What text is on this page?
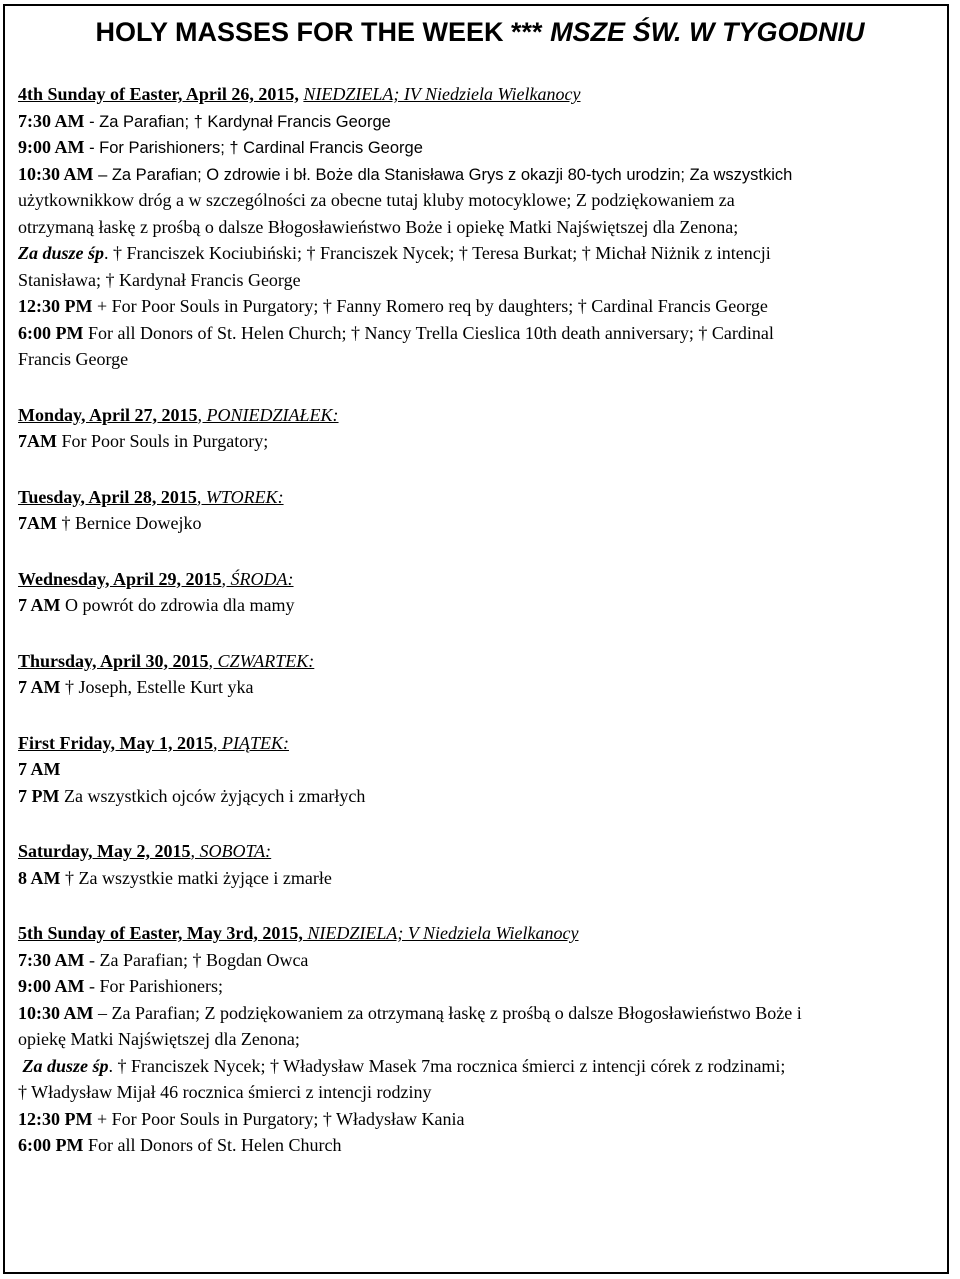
HOLY MASSES FOR THE WEEK *** MSZE ŚW. W TYGODNIU
4th Sunday of Easter, April 26, 2015, NIEDZIELA; IV Niedziela Wielkanocy
7:30 AM - Za Parafian; † Kardynał Francis George
9:00 AM - For Parishioners; † Cardinal Francis George
10:30 AM – Za Parafian; O zdrowie i bł. Boże dla Stanisława Grys z okazji 80-tych urodzin; Za wszystkich
użytkownikkow dróg a w szczególności za obecne tutaj kluby motocyklowe; Z podziękowaniem za
otrzymaną łaskę z prośbą o dalsze Błogosławieństwo Boże i opiekę Matki Najświętszej dla Zenona;
Za dusze śp. † Franciszek Kociubiński; † Franciszek Nycek; † Teresa Burkat; † Michał Niżnik z intencji
Stanisława; † Kardynał Francis George
12:30 PM + For Poor Souls in Purgatory; † Fanny Romero req by daughters; † Cardinal Francis George
6:00 PM For all Donors of St. Helen Church; † Nancy Trella Cieslica 10th death anniversary; † Cardinal
Francis George
Monday, April 27, 2015, PONIEDZIAŁEK:
7AM For Poor Souls in Purgatory;
Tuesday, April 28, 2015, WTOREK:
7AM † Bernice Dowejko
Wednesday, April 29, 2015, ŚRODA:
7 AM O powrót do zdrowia dla mamy
Thursday, April 30, 2015, CZWARTEK:
7 AM † Joseph, Estelle Kurt yka
First Friday, May 1, 2015, PIĄTEK:
7 AM
7 PM Za wszystkich ojców żyjących i zmarłych
Saturday, May 2, 2015, SOBOTA:
8 AM † Za wszystkie matki żyjące i zmarłe
5th Sunday of Easter, May 3rd, 2015, NIEDZIELA; V Niedziela Wielkanocy
7:30 AM - Za Parafian; † Bogdan Owca
9:00 AM - For Parishioners;
10:30 AM – Za Parafian; Z podziękowaniem za otrzymaną łaskę z prośbą o dalsze Błogosławieństwo Boże i
opiekę Matki Najświętszej dla Zenona;
Za dusze śp. † Franciszek Nycek; † Władysław Masek 7ma rocznica śmierci z intencji córek z rodzinami;
† Władysław Mijał 46 rocznica śmierci z intencji rodziny
12:30 PM + For Poor Souls in Purgatory; † Władysław Kania
6:00 PM For all Donors of St. Helen Church
